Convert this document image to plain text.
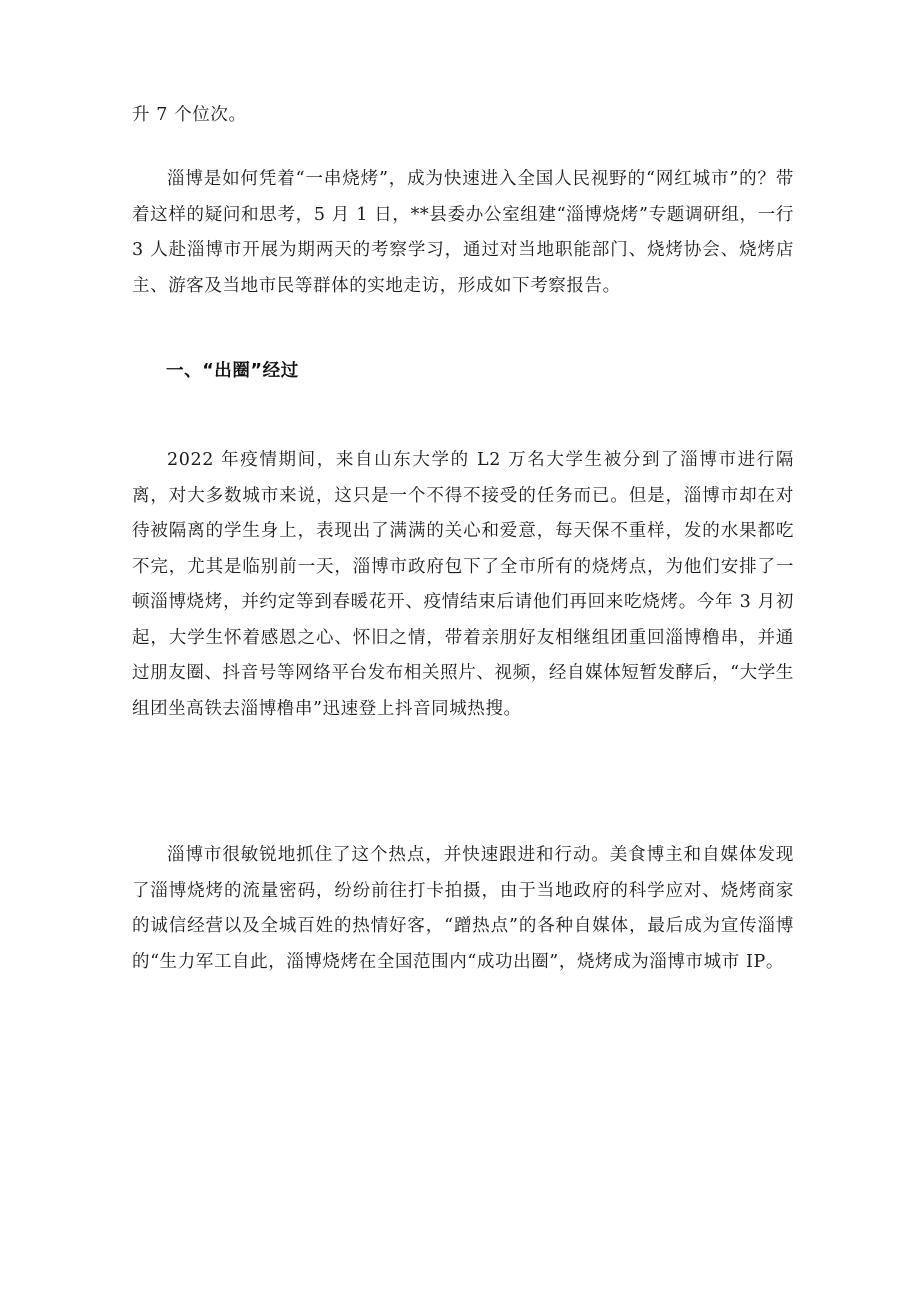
升 7 个位次。

淄博是如何凭着“一串烧烤”，成为快速进入全国人民视野的“网红城市”的？带着这样的疑问和思考，5 月 1 日，**县委办公室组建“淄博烧烤”专题调研组，一行 3 人赴淄博市开展为期两天的考察学习，通过对当地职能部门、烧烤协会、烧烤店主、游客及当地市民等群体的实地走访，形成如下考察报告。

一、“出圈”经过

2022 年疫情期间，来自山东大学的 L2 万名大学生被分到了淄博市进行隔离，对大多数城市来说，这只是一个不得不接受的任务而已。但是，淄博市却在对待被隔离的学生身上，表现出了满满的关心和爱意，每天保不重样，发的水果都吃不完，尤其是临别前一天，淄博市政府包下了全市所有的烧烤点，为他们安排了一顿淄博烧烤，并约定等到春暖花开、疫情结束后请他们再回来吃烧烤。今年 3 月初起，大学生怀着感恩之心、怀旧之情，带着亲朋好友相继组团重回淄博橹串，并通过朋友圈、抖音号等网络平台发布相关照片、视频，经自媒体短暂发酵后，“大学生组团坐高铁去淄博橹串”迅速登上抖音同城热搜。

淄博市很敏锐地抓住了这个热点，并快速跟进和行动。美食博主和自媒体发现了淄博烧烤的流量密码，纷纷前往打卡拍摄，由于当地政府的科学应对、烧烤商家的诚信经营以及全城百姓的热情好客，“蹭热点”的各种自媒体，最后成为宣传淄博的“生力军工自此，淄博烧烤在全国范围内“成功出圈”，烧烤成为淄博市城市 IP。
